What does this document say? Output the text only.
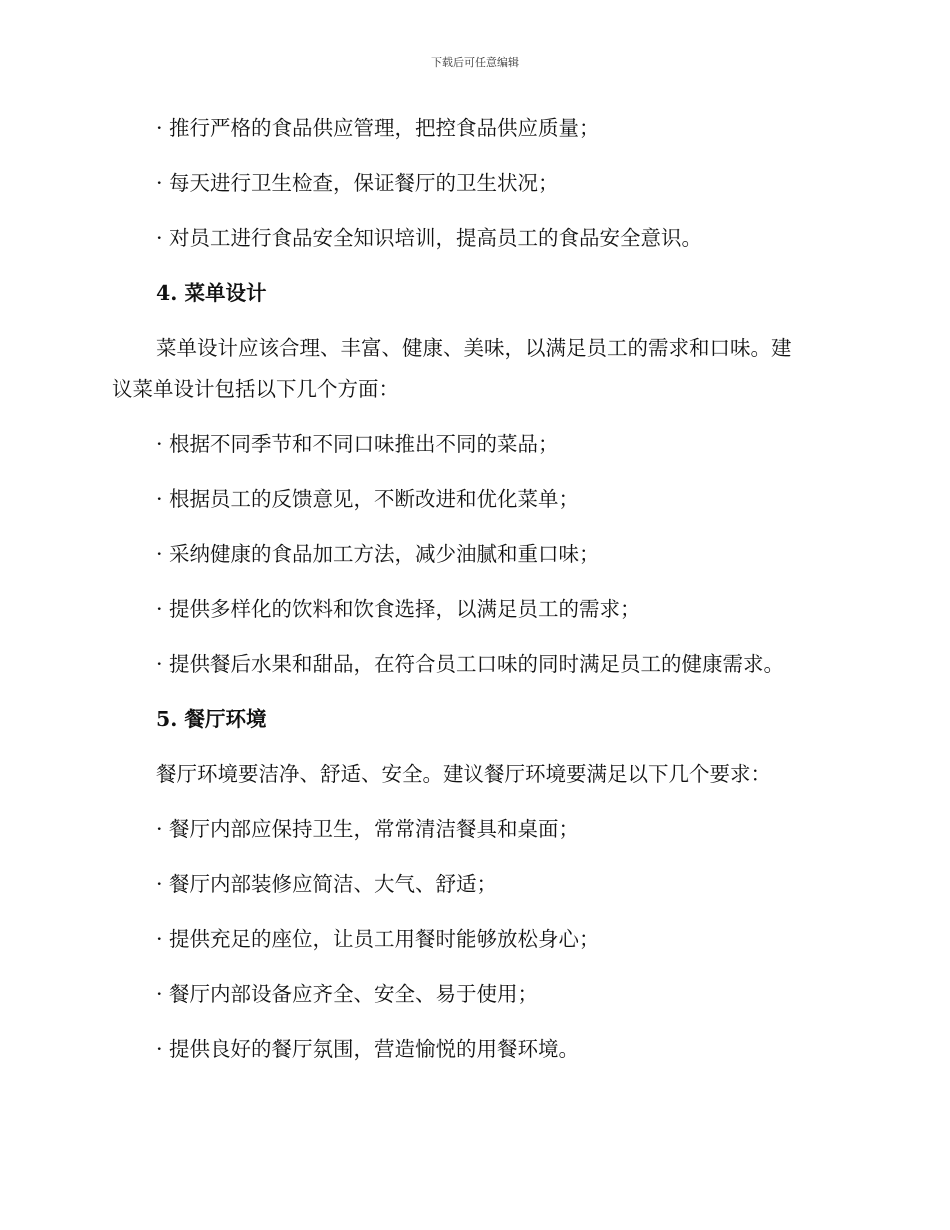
下载后可任意编辑
· 推行严格的食品供应管理，把控食品供应质量；
· 每天进行卫生检查，保证餐厅的卫生状况；
· 对员工进行食品安全知识培训，提高员工的食品安全意识。
4. 菜单设计
菜单设计应该合理、丰富、健康、美味，以满足员工的需求和口味。建
议菜单设计包括以下几个方面：
· 根据不同季节和不同口味推出不同的菜品；
· 根据员工的反馈意见，不断改进和优化菜单；
· 采纳健康的食品加工方法，减少油腻和重口味；
· 提供多样化的饮料和饮食选择，以满足员工的需求；
· 提供餐后水果和甜品，在符合员工口味的同时满足员工的健康需求。
5. 餐厅环境
餐厅环境要洁净、舒适、安全。建议餐厅环境要满足以下几个要求：
· 餐厅内部应保持卫生，常常清洁餐具和桌面；
· 餐厅内部装修应简洁、大气、舒适；
· 提供充足的座位，让员工用餐时能够放松身心；
· 餐厅内部设备应齐全、安全、易于使用；
· 提供良好的餐厅氛围，营造愉悦的用餐环境。
